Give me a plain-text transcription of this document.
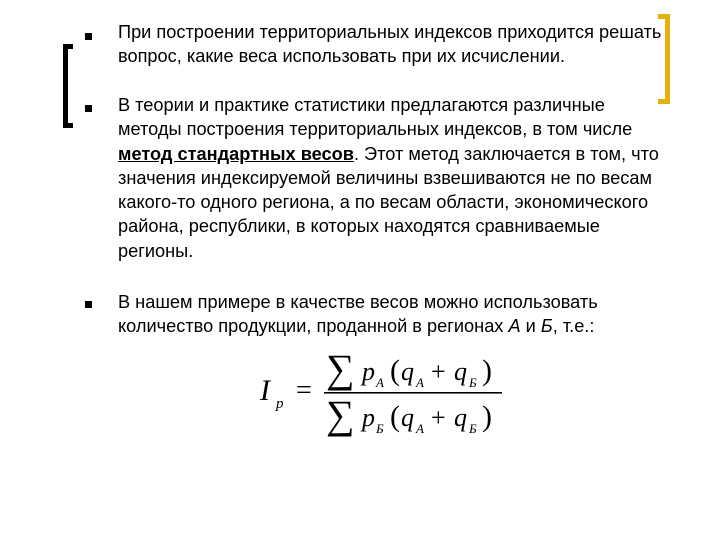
При построении территориальных индексов приходится решать вопрос, какие веса использовать при их исчислении.
В теории и практике статистики предлагаются различные методы построения территориальных индексов, в том числе метод стандартных весов. Этот метод заключается в том, что значения индексируемой величины взвешиваются не по весам какого-то одного региона, а по весам области, экономического района, республики, в которых находятся сравниваемые регионы.
В нашем примере в качестве весов можно использовать количество продукции, проданной в регионах А и Б, т.е.:
I p = ∑ p А ( q А + q Б )
∑ p Б ( q А + q Б )
